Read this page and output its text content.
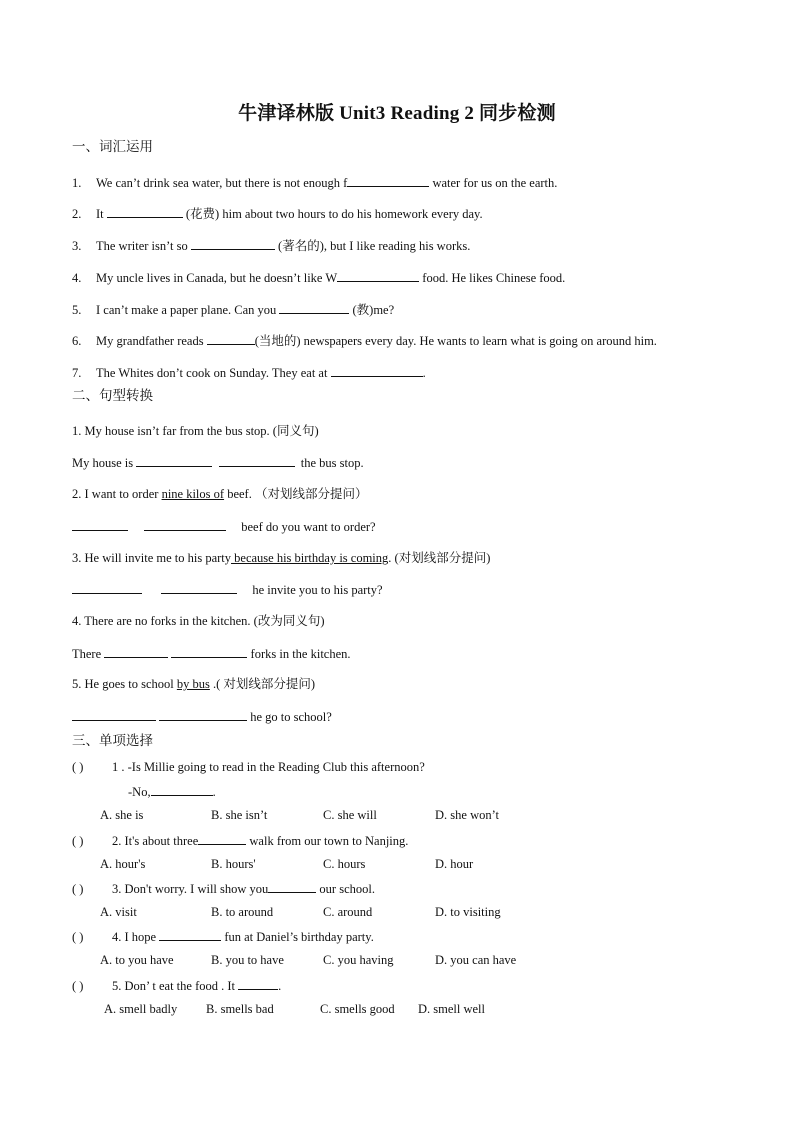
牛津译林版 Unit3 Reading 2 同步检测
一、词汇运用
1. We can’t drink sea water, but there is not enough f	water for us on the earth.
2. It	(花费) him about two hours to do his homework every day.
3. The writer isn’t so	(著名的), but I like reading his works.
4. My uncle lives in Canada, but he doesn’t like W	food. He likes Chinese food.
5. I can’t make a paper plane. Can you	(教)me?
6. My grandfather reads	(当地的) newspapers every day. He wants to learn what is going on around him.
7. The Whites don’t cook on Sunday. They eat at	.
二、句型转换
1. My house isn’t far from the bus stop. (同义句)
My house is	the bus stop.
2. I want to order nine kilos of beef. （对划线部分提问）
beef do you want to order?
3. He will invite me to his party because his birthday is coming. (对划线部分提问)
he invite you to his party?
4. There are no forks in the kitchen. (改为同义句)
There	forks in the kitchen.
5. He goes to school by bus .( 对划线部分提问)
he go to school?
三、单项选择
( ) 1 . -Is Millie going to read in the Reading Club this afternoon?
-No,	.
A. she is	B. she isn’t	C. she will	D. she won’t
( ) 2. It's about three	walk from our town to Nanjing.
A. hour's	B. hours'	C. hours	D. hour
( ) 3. Don't worry. I will show you	our school.
A. visit	B. to around	C. around	D. to visiting
( ) 4. I hope	fun at Daniel’s birthday party.
A. to you have	B. you to have	C. you having	D. you can have
( ) 5. Don’ t eat the food . It	.
A. smell badly B. smells bad	C. smells good D. smell well
